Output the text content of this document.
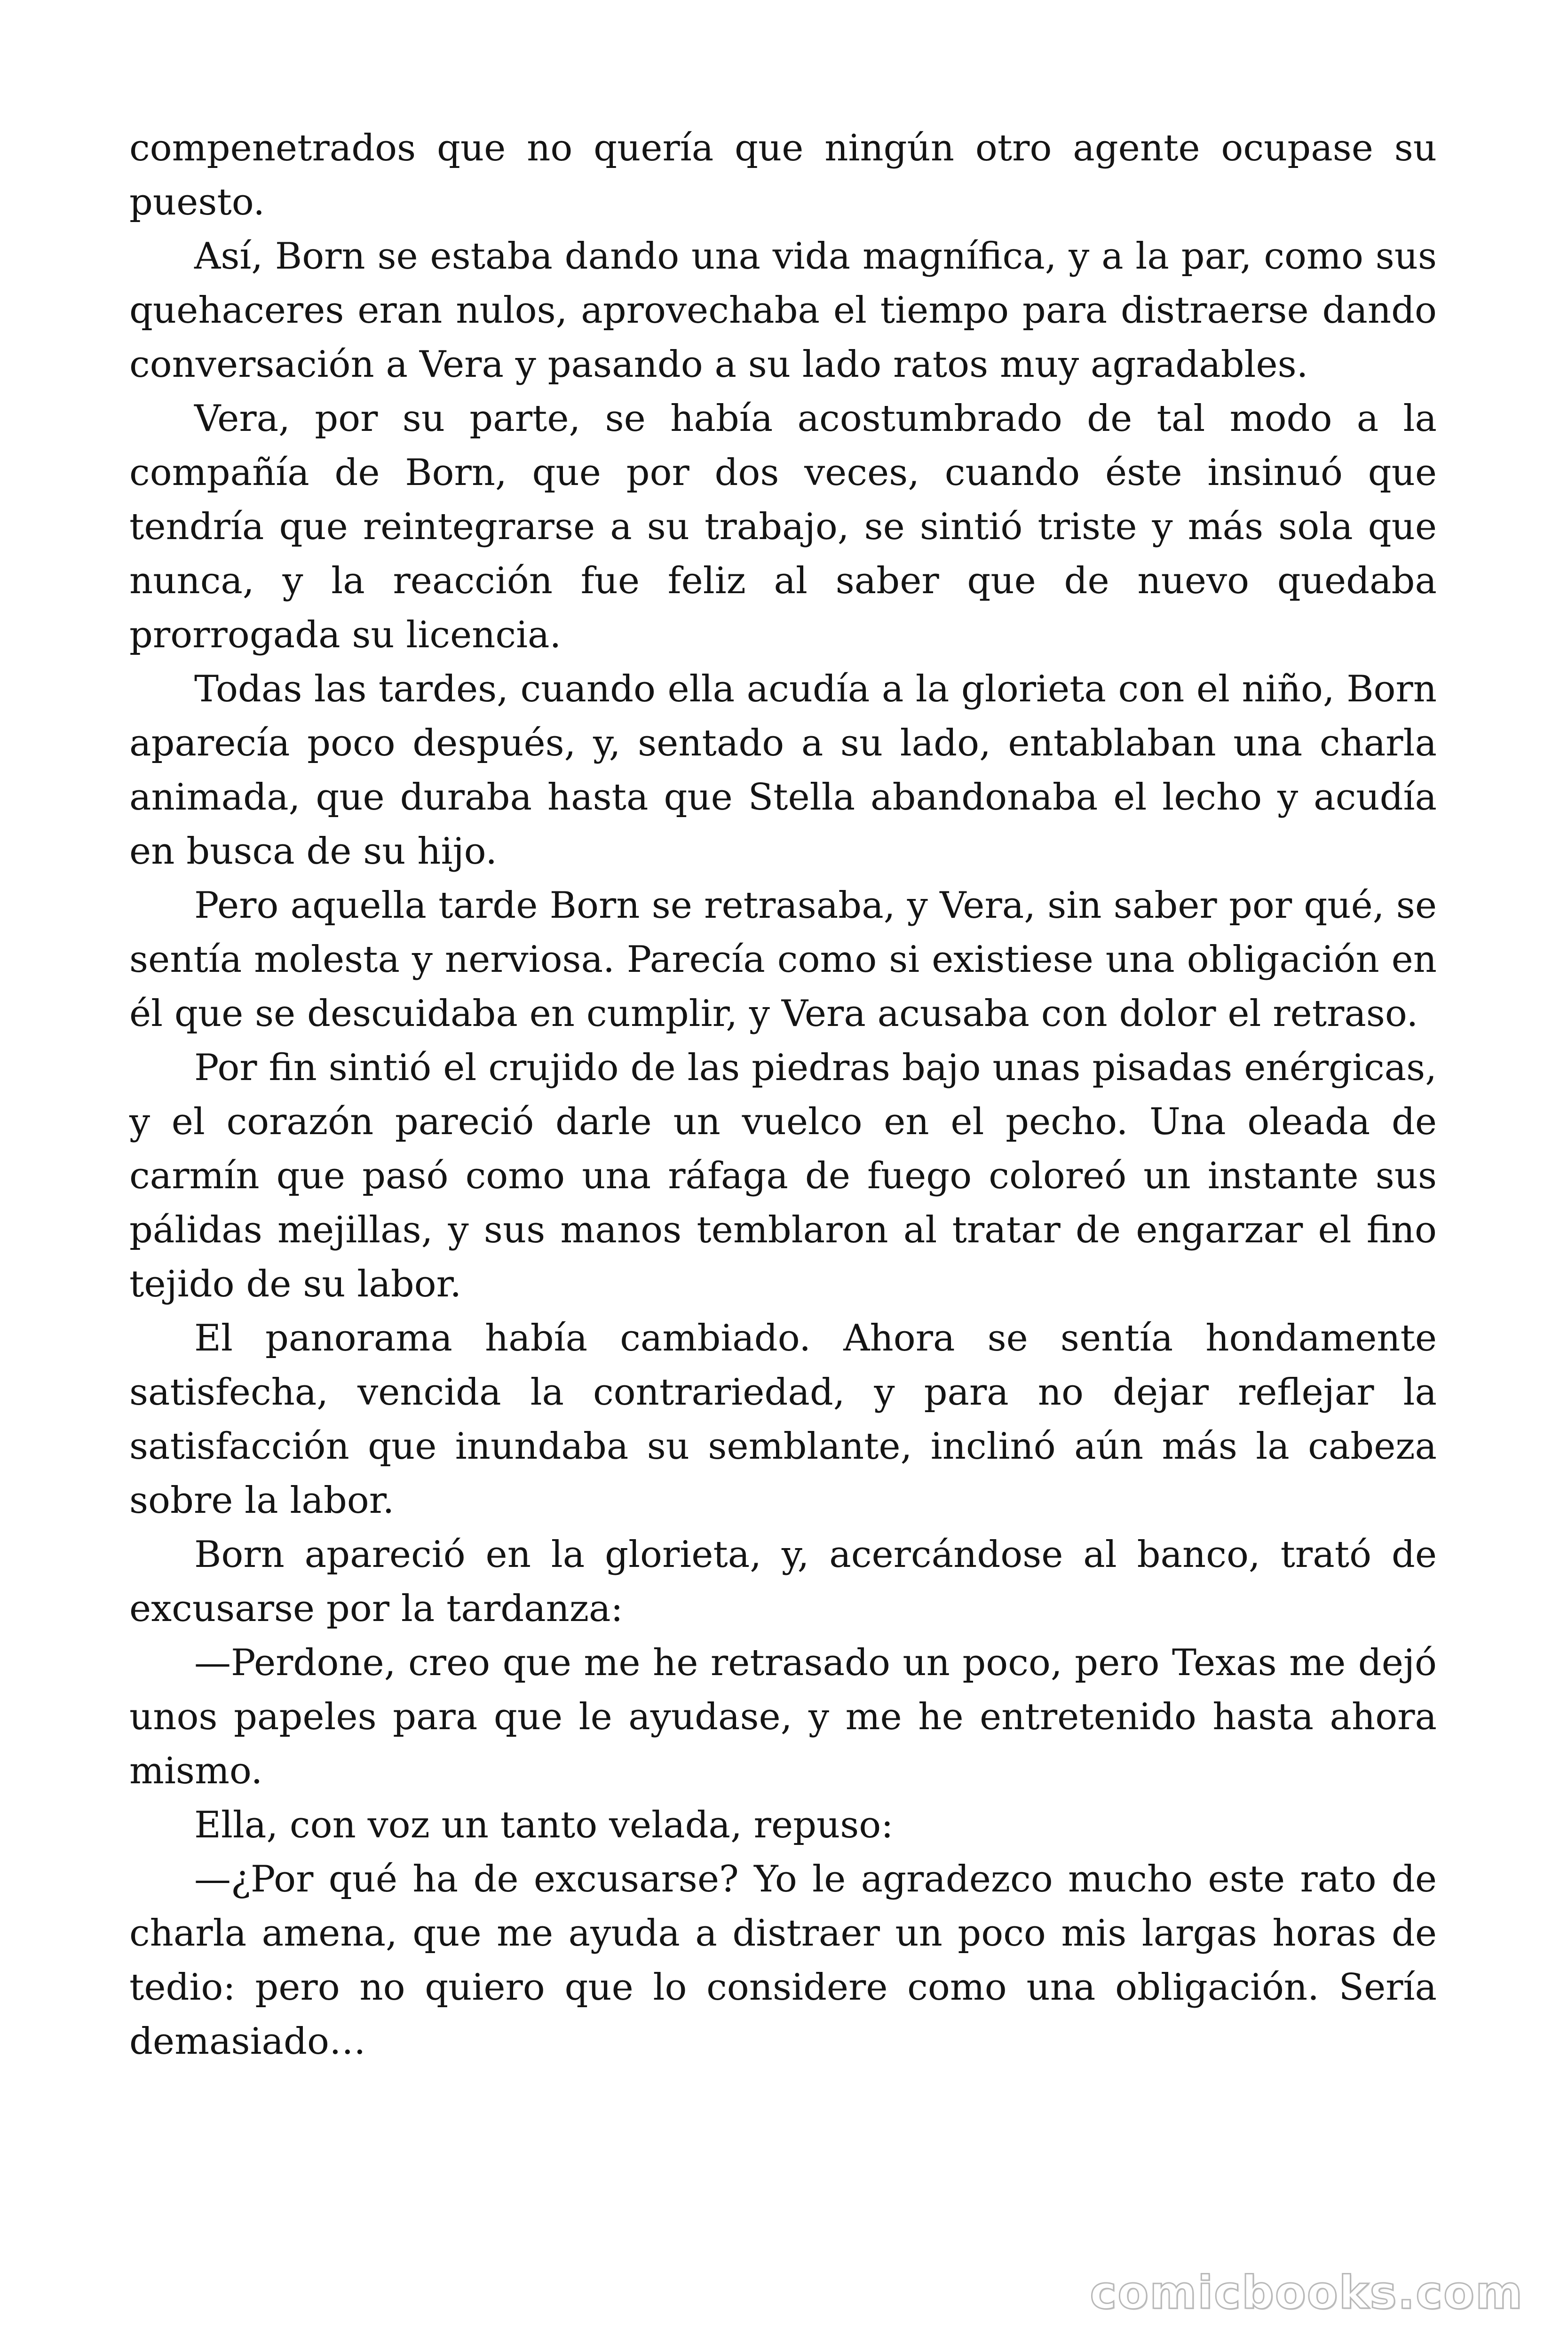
compenetrados que no quería que ningún otro agente ocupase su puesto.

Así, Born se estaba dando una vida magnífica, y a la par, como sus quehaceres eran nulos, aprovechaba el tiempo para distraerse dando conversación a Vera y pasando a su lado ratos muy agradables.

Vera, por su parte, se había acostumbrado de tal modo a la compañía de Born, que por dos veces, cuando éste insinuó que tendría que reintegrarse a su trabajo, se sintió triste y más sola que nunca, y la reacción fue feliz al saber que de nuevo quedaba prorrogada su licencia.

Todas las tardes, cuando ella acudía a la glorieta con el niño, Born aparecía poco después, y, sentado a su lado, entablaban una charla animada, que duraba hasta que Stella abandonaba el lecho y acudía en busca de su hijo.

Pero aquella tarde Born se retrasaba, y Vera, sin saber por qué, se sentía molesta y nerviosa. Parecía como si existiese una obligación en él que se descuidaba en cumplir, y Vera acusaba con dolor el retraso.

Por fin sintió el crujido de las piedras bajo unas pisadas enérgicas, y el corazón pareció darle un vuelco en el pecho. Una oleada de carmín que pasó como una ráfaga de fuego coloreó un instante sus pálidas mejillas, y sus manos temblaron al tratar de engarzar el fino tejido de su labor.

El panorama había cambiado. Ahora se sentía hondamente satisfecha, vencida la contrariedad, y para no dejar reflejar la satisfacción que inundaba su semblante, inclinó aún más la cabeza sobre la labor.

Born apareció en la glorieta, y, acercándose al banco, trató de excusarse por la tardanza:

—Perdone, creo que me he retrasado un poco, pero Texas me dejó unos papeles para que le ayudase, y me he entretenido hasta ahora mismo.

Ella, con voz un tanto velada, repuso:

—¿Por qué ha de excusarse? Yo le agradezco mucho este rato de charla amena, que me ayuda a distraer un poco mis largas horas de tedio: pero no quiero que lo considere como una obligación. Sería demasiado…

comicbooks.com
